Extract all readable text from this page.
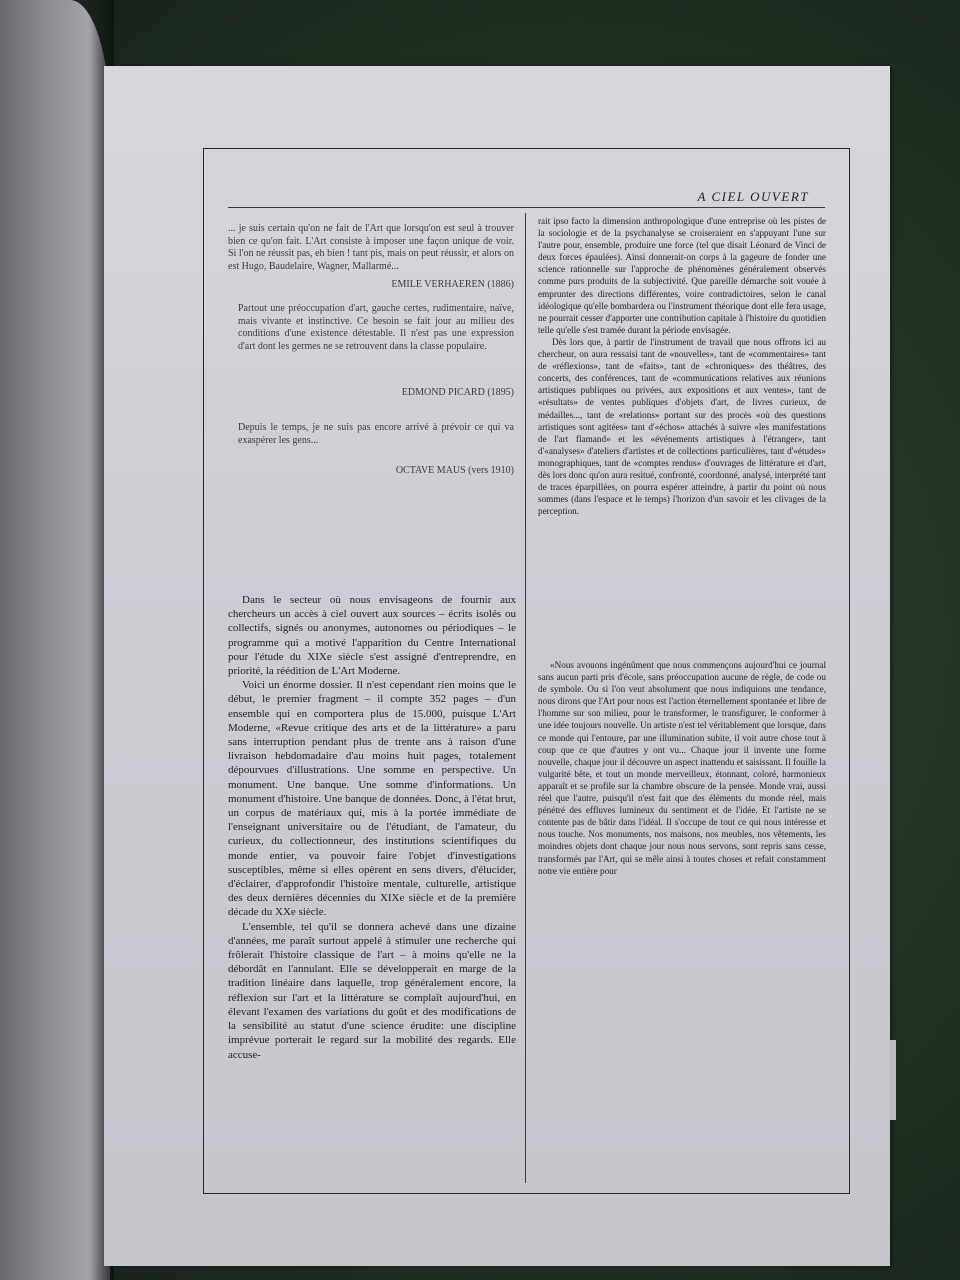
A CIEL OUVERT

... je suis certain qu'on ne fait de l'Art que lorsqu'on est seul à trouver bien ce qu'on fait. L'Art consiste à imposer une façon unique de voir. Si l'on ne réussit pas, eh bien ! tant pis, mais on peut réussir, et alors on est Hugo, Baudelaire, Wagner, Mallarmé...

EMILE VERHAEREN (1886)

Partout une préoccupation d'art, gauche certes, rudimentaire, naïve, mais vivante et instinctive. Ce besoin se fait jour au milieu des conditions d'une existence détestable. Il n'est pas une expression d'art dont les germes ne se retrouvent dans la classe populaire.

EDMOND PICARD (1895)

Depuis le temps, je ne suis pas encore arrivé à prévoir ce qui va exaspérer les gens...

OCTAVE MAUS (vers 1910)

Dans le secteur où nous envisageons de fournir aux chercheurs un accès à ciel ouvert aux sources – écrits isolés ou collectifs, signés ou anonymes, autonomes ou périodiques – le programme qui a motivé l'apparition du Centre International pour l'étude du XIXe siècle s'est assigné d'entreprendre, en priorité, la réédition de L'Art Moderne.

Voici un énorme dossier. Il n'est cependant rien moins que le début, le premier fragment – il compte 352 pages – d'un ensemble qui en comportera plus de 15.000, puisque L'Art Moderne, «Revue critique des arts et de la littérature» a paru sans interruption pendant plus de trente ans à raison d'une livraison hebdomadaire d'au moins huit pages, totalement dépourvues d'illustrations. Une somme en perspective. Un monument. Une banque. Une somme d'informations. Un monument d'histoire. Une banque de données. Donc, à l'état brut, un corpus de matériaux qui, mis à la portée immédiate de l'enseignant universitaire ou de l'étudiant, de l'amateur, du curieux, du collectionneur, des institutions scientifiques du monde entier, va pouvoir faire l'objet d'investigations susceptibles, même si elles opèrent en sens divers, d'élucider, d'éclairer, d'approfondir l'histoire mentale, culturelle, artistique des deux dernières décennies du XIXe siècle et de la première décade du XXe siècle.

L'ensemble, tel qu'il se donnera achevé dans une dizaine d'années, me paraît surtout appelé à stimuler une recherche qui frôlerait l'histoire classique de l'art – à moins qu'elle ne la débordât en l'annulant. Elle se développerait en marge de la tradition linéaire dans laquelle, trop généralement encore, la réflexion sur l'art et la littérature se complaît aujourd'hui, en élevant l'examen des variations du goût et des modifications de la sensibilité au statut d'une science érudite: une discipline imprévue porterait le regard sur la mobilité des regards. Elle accuse-

rait ipso facto la dimension anthropologique d'une entreprise où les pistes de la sociologie et de la psychanalyse se croiseraient en s'appuyant l'une sur l'autre pour, ensemble, produire une force (tel que disait Léonard de Vinci de deux forces épaulées). Ainsi donnerait-on corps à la gageure de fonder une science rationnelle sur l'approche de phénomènes généralement observés comme purs produits de la subjectivité. Que pareille démarche soit vouée à emprunter des directions différentes, voire contradictoires, selon le canal idéologique qu'elle bombardera ou l'instrument théorique dont elle fera usage, ne pourrait cesser d'apporter une contribution capitale à l'histoire du quotidien telle qu'elle s'est tramée durant la période envisagée.

Dès lors que, à partir de l'instrument de travail que nous offrons ici au chercheur, on aura ressaisi tant de «nouvelles», tant de «commentaires» tant de «réflexions», tant de «faits», tant de «chroniques» des théâtres, des concerts, des conférences, tant de «communications relatives aux réunions artistiques publiques ou privées, aux expositions et aux ventes», tant de «résultats» de ventes publiques d'objets d'art, de livres curieux, de médailles..., tant de «relations» portant sur des procès «où des questions artistiques sont agitées» tant d'«échos» attachés à suivre «les manifestations de l'art flamand» et les «événements artistiques à l'étranger», tant d'«analyses» d'ateliers d'artistes et de collections particulières, tant d'«études» monographiques, tant de «comptes rendus» d'ouvrages de littérature et d'art, dès lors donc qu'on aura resitué, confronté, coordonné, analysé, interprété tant de traces éparpillées, on pourra espérer atteindre, à partir du point où nous sommes (dans l'espace et le temps) l'horizon d'un savoir et les clivages de la perception.

«Nous avouons ingénûment que nous commençons aujourd'hui ce journal sans aucun parti pris d'école, sans préoccupation aucune de règle, de code ou de symbole. Ou si l'on veut absolument que nous indiquions une tendance, nous dirons que l'Art pour nous est l'action éternellement spontanée et libre de l'homme sur son milieu, pour le transformer, le transfigurer, le conformer à une idée toujours nouvelle. Un artiste n'est tel véritablement que lorsque, dans ce monde qui l'entoure, par une illumination subite, il voit autre chose tout à coup que ce que d'autres y ont vu... Chaque jour il invente une forme nouvelle, chaque jour il découvre un aspect inattendu et saisissant. Il fouille la vulgarité bête, et tout un monde merveilleux, étonnant, coloré, harmonieux apparaît et se profile sur la chambre obscure de la pensée. Monde vrai, aussi réel que l'autre, puisqu'il n'est fait que des éléments du monde réel, mais pénétré des effluves lumineux du sentiment et de l'idée. Et l'artiste ne se contente pas de bâtir dans l'idéal. Il s'occupe de tout ce qui nous intéresse et nous touche. Nos monuments, nos maisons, nos meubles, nos vêtements, les moindres objets dont chaque jour nous nous servons, sont repris sans cesse, transformés par l'Art, qui se mêle ainsi à toutes choses et refait constamment notre vie entière pour
